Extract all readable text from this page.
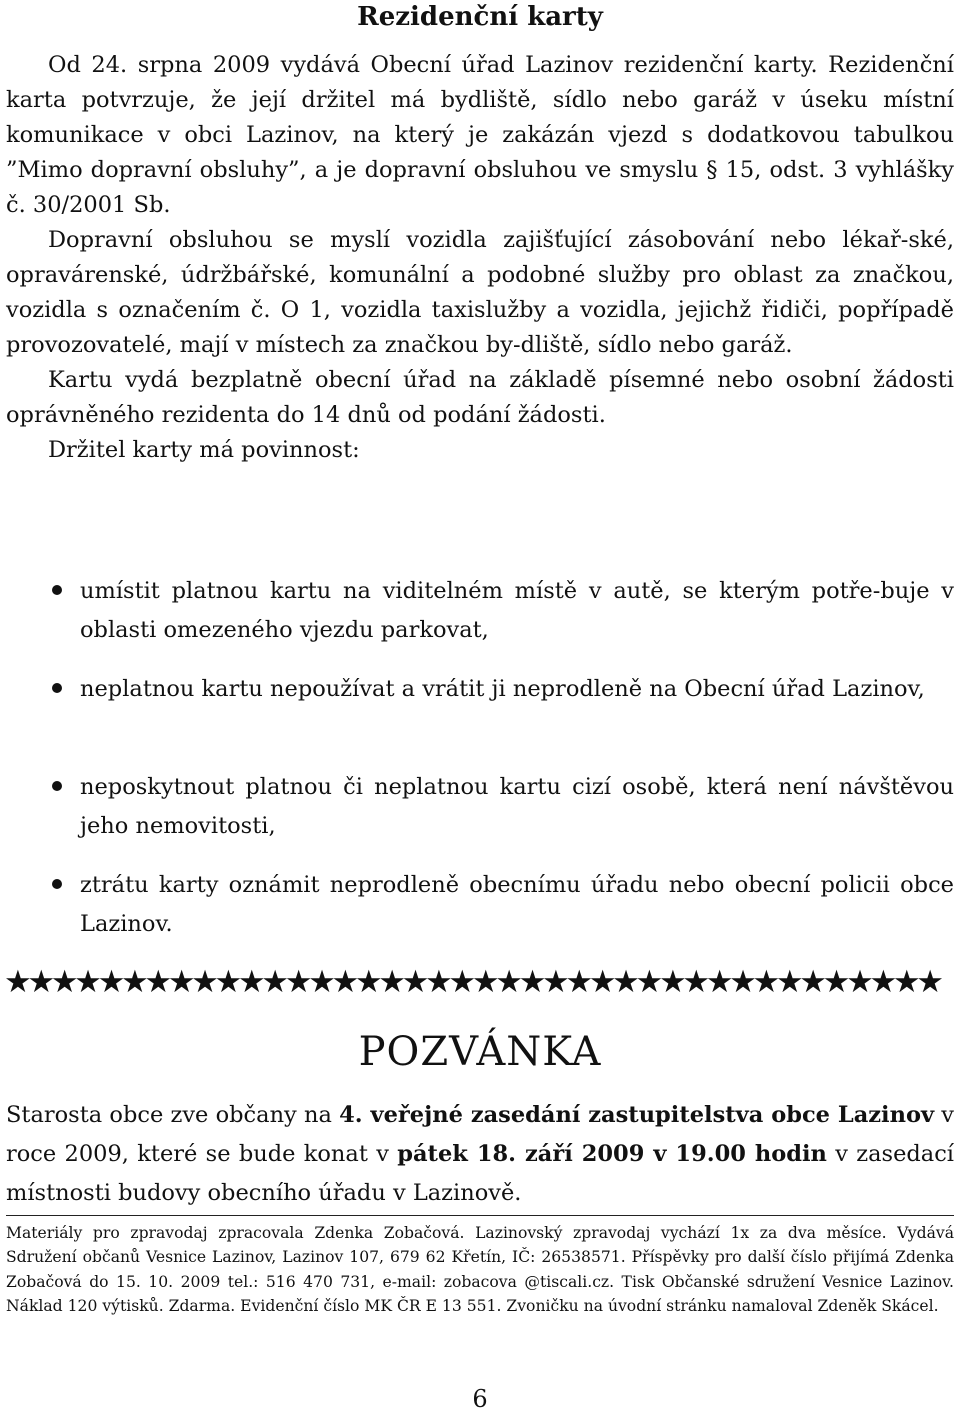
Rezidenční karty

Od 24. srpna 2009 vydává Obecní úřad Lazinov rezidenční karty. Rezidenční karta potvrzuje, že její držitel má bydliště, sídlo nebo garáž v úseku místní komunikace v obci Lazinov, na který je zakázán vjezd s dodatkovou tabulkou ”Mimo dopravní obsluhy”, a je dopravní obsluhou ve smyslu § 15, odst. 3 vyhlášky č. 30/2001 Sb.

Dopravní obsluhou se myslí vozidla zajišťující zásobování nebo lékař-ské, opravárenské, údržbářské, komunální a podobné služby pro oblast za značkou, vozidla s označením č. O 1, vozidla taxislužby a vozidla, jejichž řidiči, popřípadě provozovatelé, mají v místech za značkou by-dliště, sídlo nebo garáž.

Kartu vydá bezplatně obecní úřad na základě písemné nebo osobní žádosti oprávněného rezidenta do 14 dnů od podání žádosti.

Držitel karty má povinnost:

umístit platnou kartu na viditelném místě v autě, se kterým potře-buje v oblasti omezeného vjezdu parkovat,
neplatnou kartu nepoužívat a vrátit ji neprodleně na Obecní úřad Lazinov,
neposkytnout platnou či neplatnou kartu cizí osobě, která není návštěvou jeho nemovitosti,
ztrátu karty oznámit neprodleně obecnímu úřadu nebo obecní policii obce Lazinov.
★★★★★★★★★★★★★★★★★★★★★★★★★★★★★★★★★★★★★★★★
POZVÁNKA
Starosta obce zve občany na 4. veřejné zasedání zastupitelstva obce Lazinov v roce 2009, které se bude konat v pátek 18. září 2009 v 19.00 hodin v zasedací místnosti budovy obecního úřadu v Lazinově.
Materiály pro zpravodaj zpracovala Zdenka Zobačová. Lazinovský zpravodaj vychází 1x za dva měsíce. Vydává Sdružení občanů Vesnice Lazinov, Lazinov 107, 679 62 Křetín, IČ: 26538571. Příspěvky pro další číslo přijímá Zdenka Zobačová do 15. 10. 2009 tel.: 516 470 731, e-mail: zobacova @tiscali.cz. Tisk Občanské sdružení Vesnice Lazinov. Náklad 120 výtisků. Zdarma. Evidenční číslo MK ČR E 13 551. Zvoničku na úvodní stránku namaloval Zdeněk Skácel.
6
